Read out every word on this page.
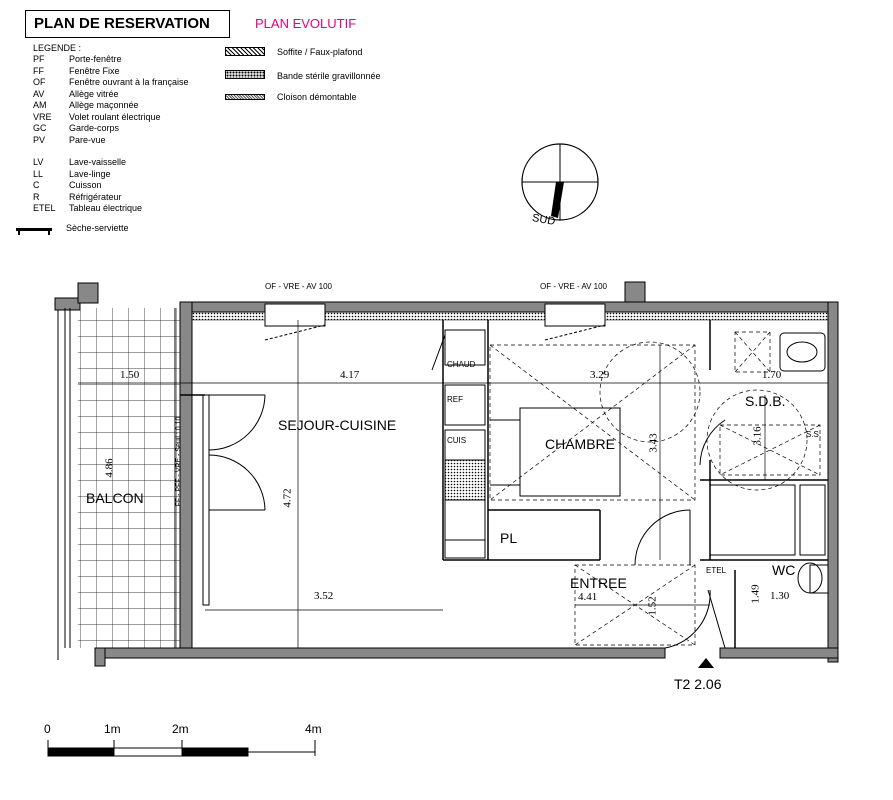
PLAN DE RESERVATION	PLAN EVOLUTIF
LEGENDE :
Sèche-serviette
Soffite / Faux-plafond
Bande stérile gravillonnée
Cloison démontable
SUD
OF - VRE - AV 100	OF - VRE - AV 100
SEJOUR-CUISINE
CHAMBRE
BALCON
S.D.B.
PL
ENTREE
WC
1.50	4.17	3.29	1.70
4.86
4.72
3.43	3.16
3.52	4.41	1.52
1.49 1.30
CHAUD
REF
CUIS
ETEL
S.S.
FF - PFF - VRE - Seuil : 0.10
T2 2.06
0	1m	2m	4m
PF	Porte-fenêtre
FF	Fenêtre Fixe
OF	Fenêtre ouvrant à la française
AV	Allège vitrée
AM	Allège maçonnée
VRE Volet roulant électrique
GC	Garde-corps
PV	Pare-vue
LV	Lave-vaisselle
LL	Lave-linge
C	Cuisson
R	Réfrigérateur
ETEL Tableau électrique
